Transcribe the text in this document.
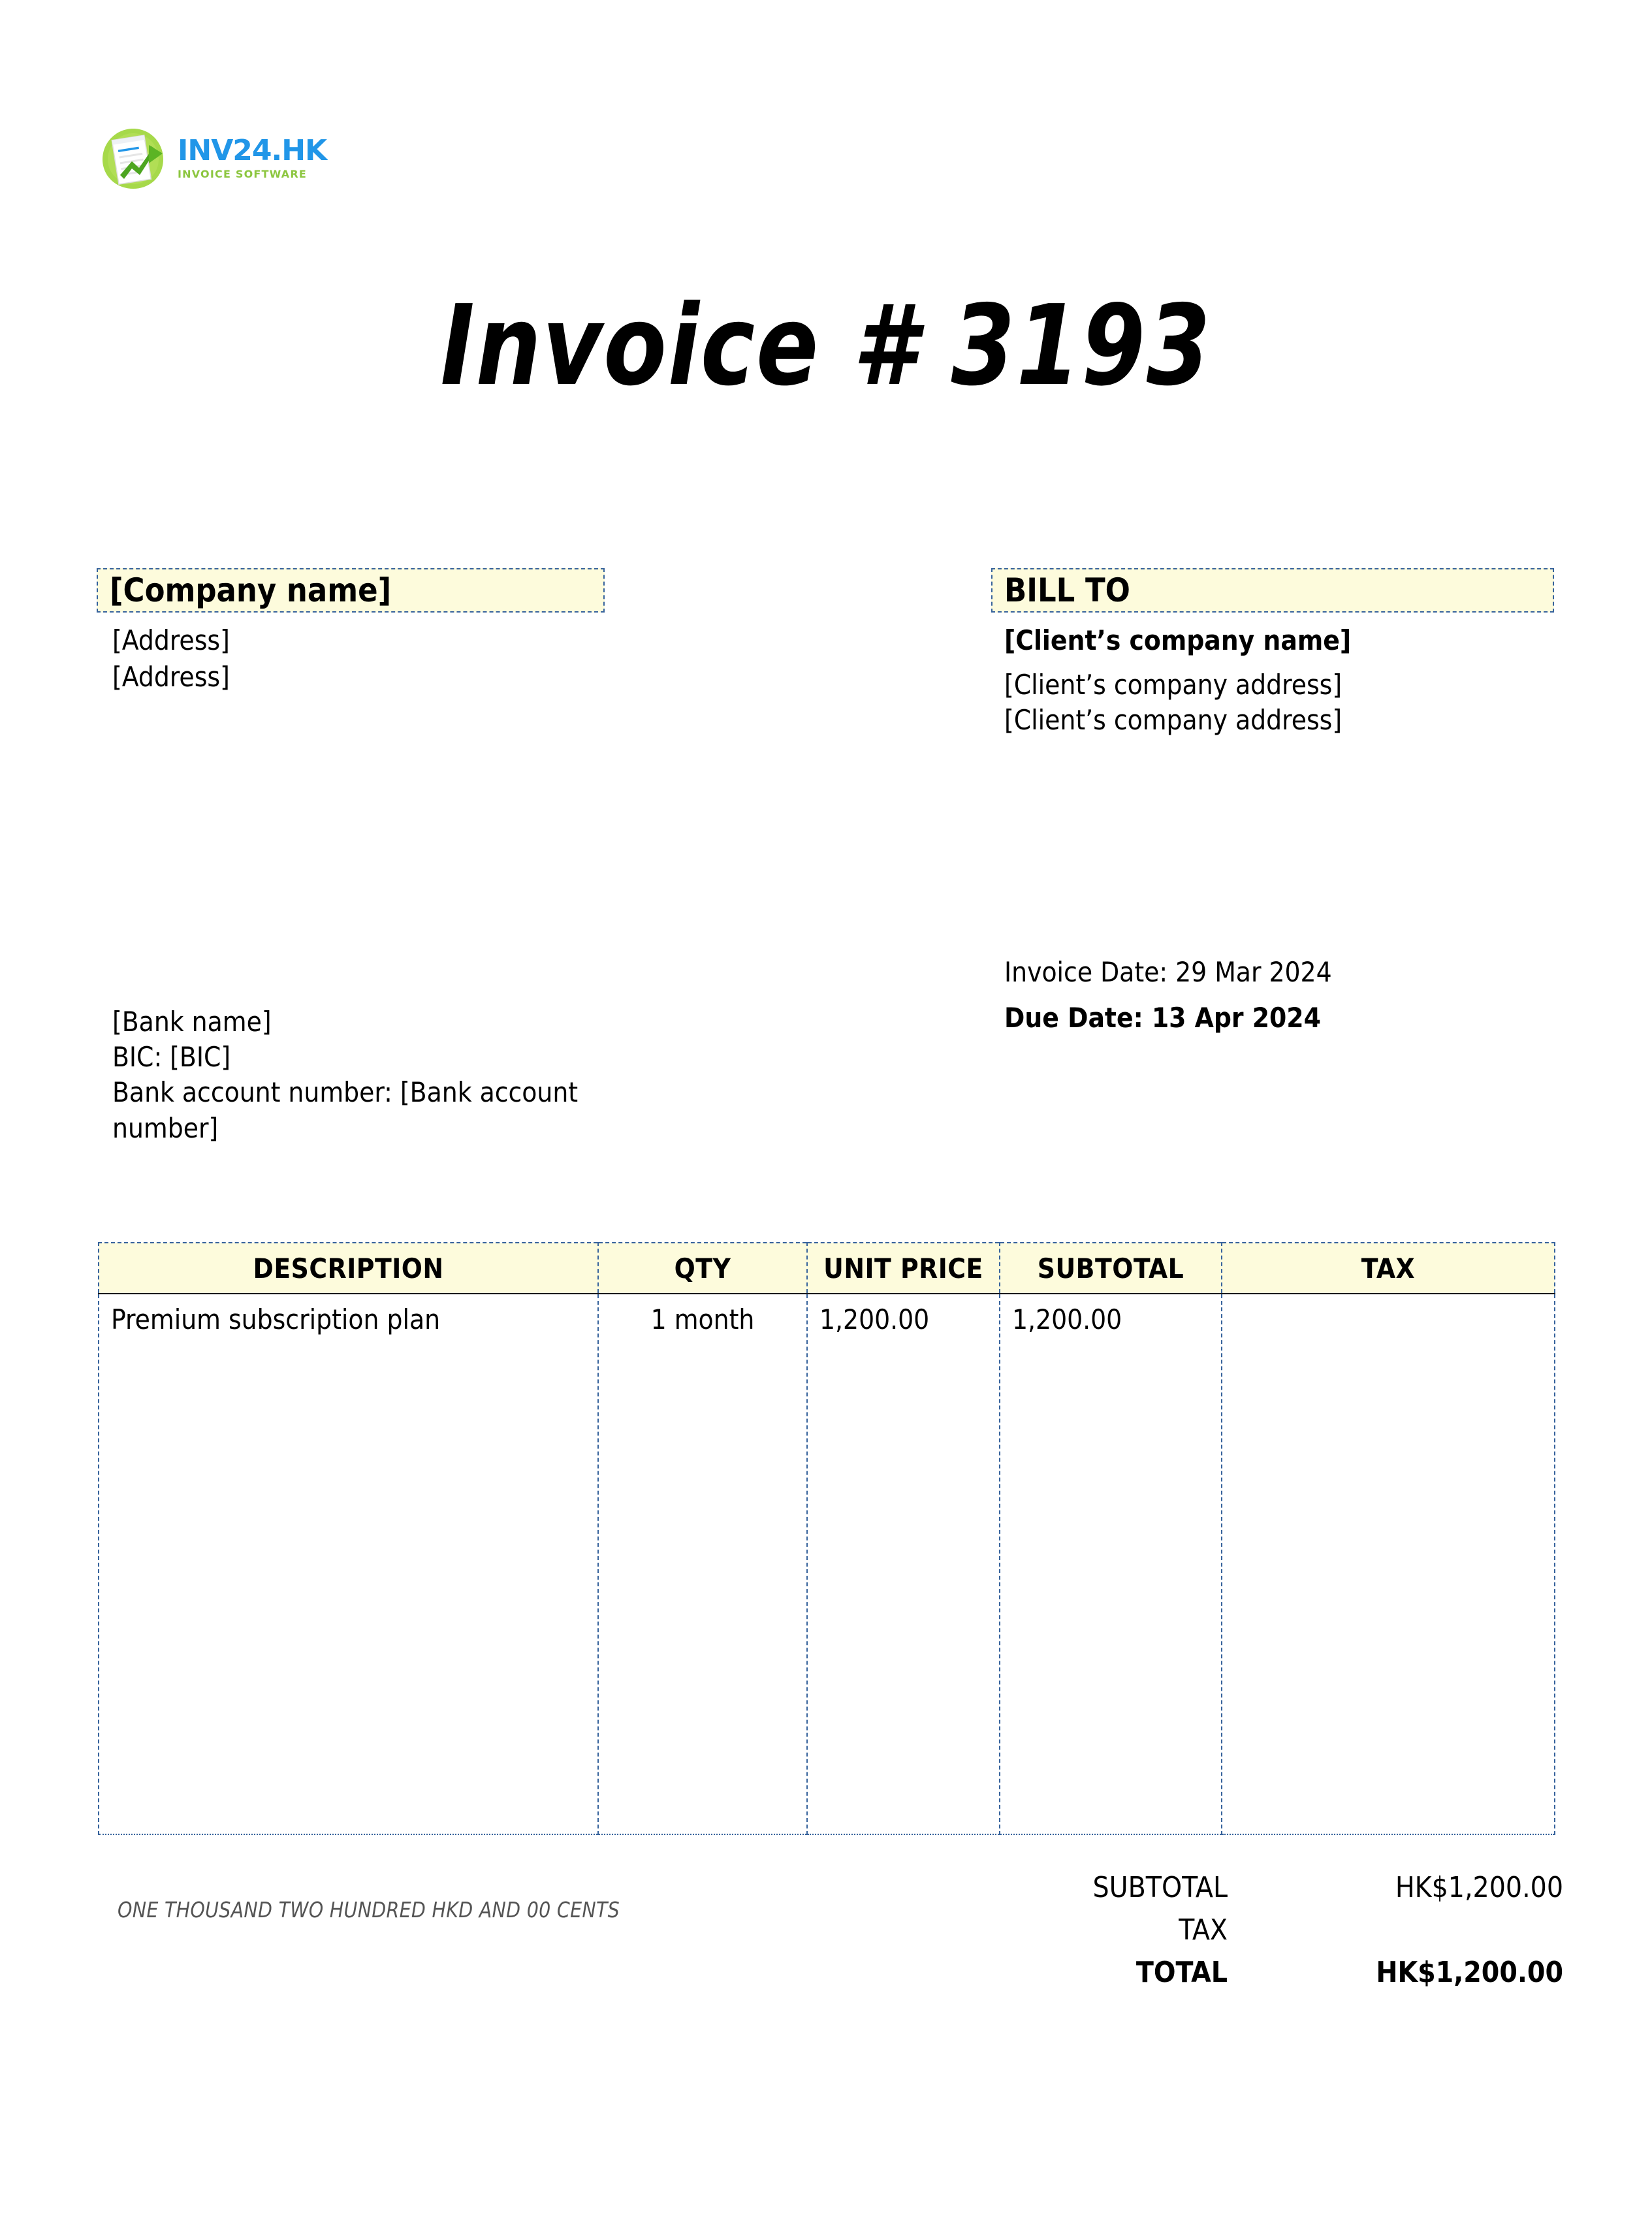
INV24.HK
INVOICE SOFTWARE
Invoice # 3193
[Company name]
[Address]
[Address]
BILL TO
[Client’s company name]
[Client’s company address]
[Client’s company address]
Invoice Date: 29 Mar 2024
Due Date: 13 Apr 2024
[Bank name]
BIC: [BIC]
Bank account number: [Bank account number]
DESCRIPTION	QTY	UNIT PRICE	SUBTOTAL	TAX
Premium subscription plan	1 month	1,200.00	1,200.00	
ONE THOUSAND TWO HUNDRED HKD AND 00 CENTS
SUBTOTAL	HK$1,200.00
TAX	
TOTAL	HK$1,200.00
